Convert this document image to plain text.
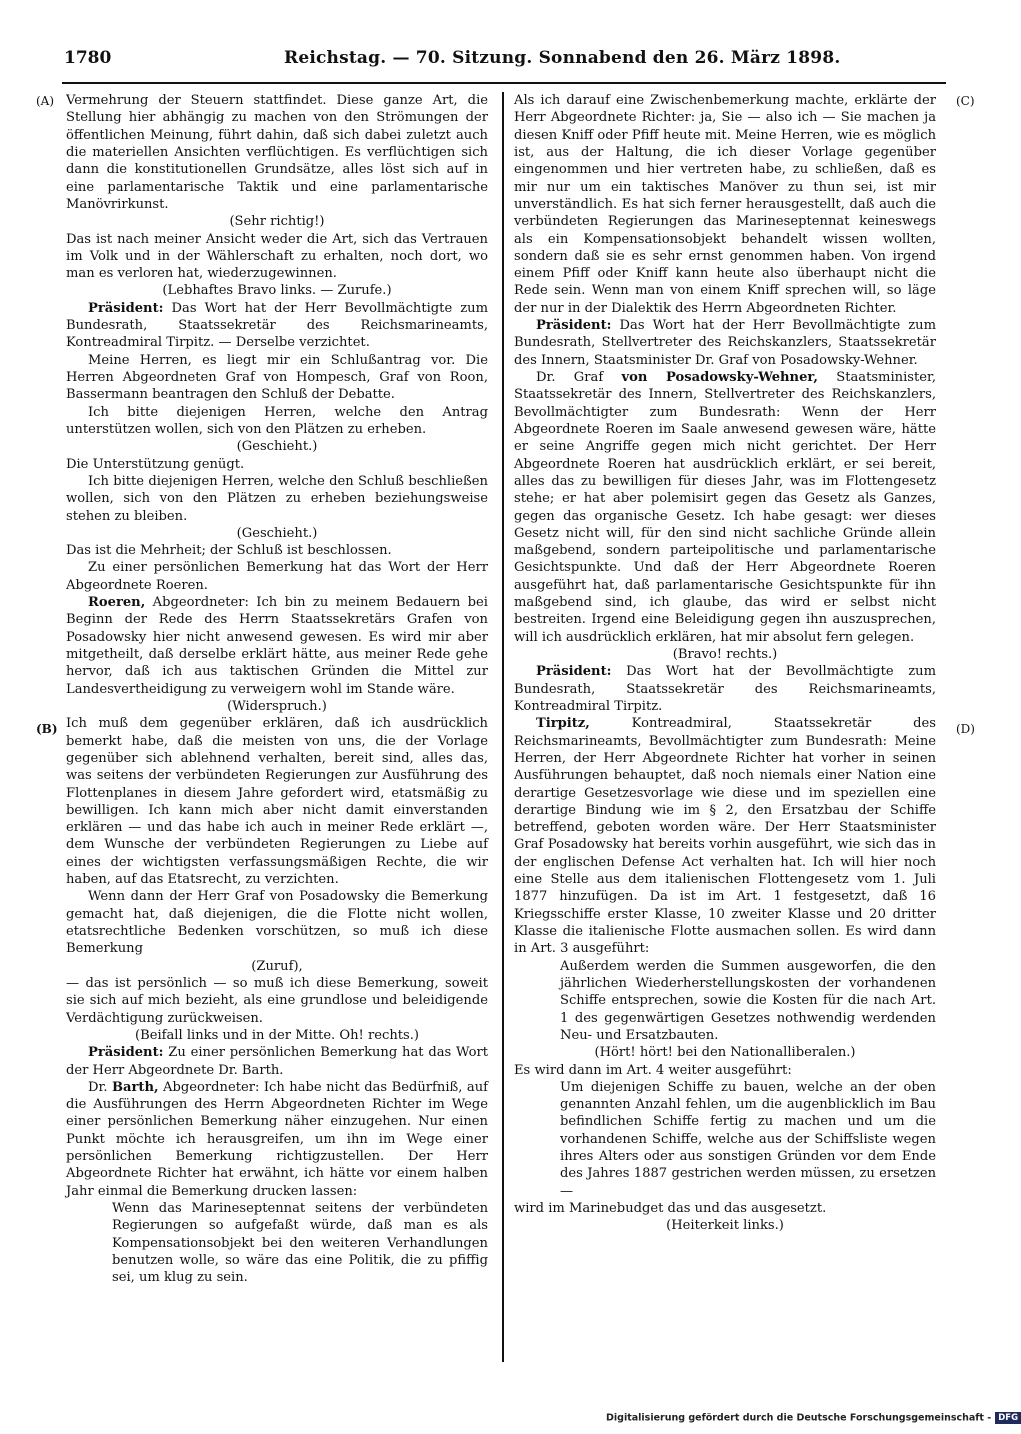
1780	Reichstag. — 70. Sitzung. Sonnabend den 26. März 1898.
(A)
(B)
(C)
(D)

Vermehrung der Steuern stattfindet. Diese ganze Art, die Stellung hier abhängig zu machen von den Strömungen der öffentlichen Meinung, führt dahin, daß sich dabei zuletzt auch die materiellen Ansichten verflüchtigen. Es verflüchtigen sich dann die konstitutionellen Grundsätze, alles löst sich auf in eine parlamentarische Taktik und eine parlamentarische Manövrirkunst.

(Sehr richtig!)

Das ist nach meiner Ansicht weder die Art, sich das Vertrauen im Volk und in der Wählerschaft zu erhalten, noch dort, wo man es verloren hat, wiederzugewinnen.

(Lebhaftes Bravo links. — Zurufe.)

Präsident: Das Wort hat der Herr Bevollmächtigte zum Bundesrath, Staatssekretär des Reichsmarineamts, Kontreadmiral Tirpitz. — Derselbe verzichtet.

Meine Herren, es liegt mir ein Schlußantrag vor. Die Herren Abgeordneten Graf von Hompesch, Graf von Roon, Bassermann beantragen den Schluß der Debatte.

Ich bitte diejenigen Herren, welche den Antrag unterstützen wollen, sich von den Plätzen zu erheben.

(Geschieht.)

Die Unterstützung genügt.

Ich bitte diejenigen Herren, welche den Schluß beschließen wollen, sich von den Plätzen zu erheben beziehungsweise stehen zu bleiben.

(Geschieht.)

Das ist die Mehrheit; der Schluß ist beschlossen.

Zu einer persönlichen Bemerkung hat das Wort der Herr Abgeordnete Roeren.

Roeren, Abgeordneter: Ich bin zu meinem Bedauern bei Beginn der Rede des Herrn Staatssekretärs Grafen von Posadowsky hier nicht anwesend gewesen. Es wird mir aber mitgetheilt, daß derselbe erklärt hätte, aus meiner Rede gehe hervor, daß ich aus taktischen Gründen die Mittel zur Landesvertheidigung zu verweigern wohl im Stande wäre.

(Widerspruch.)

Ich muß dem gegenüber erklären, daß ich ausdrücklich bemerkt habe, daß die meisten von uns, die der Vorlage gegenüber sich ablehnend verhalten, bereit sind, alles das, was seitens der verbündeten Regierungen zur Ausführung des Flottenplanes in diesem Jahre gefordert wird, etatsmäßig zu bewilligen. Ich kann mich aber nicht damit einverstanden erklären — und das habe ich auch in meiner Rede erklärt —, dem Wunsche der verbündeten Regierungen zu Liebe auf eines der wichtigsten verfassungsmäßigen Rechte, die wir haben, auf das Etatsrecht, zu verzichten.

Wenn dann der Herr Graf von Posadowsky die Bemerkung gemacht hat, daß diejenigen, die die Flotte nicht wollen, etatsrechtliche Bedenken vorschützen, so muß ich diese Bemerkung

(Zuruf),

— das ist persönlich — so muß ich diese Bemerkung, soweit sie sich auf mich bezieht, als eine grundlose und beleidigende Verdächtigung zurückweisen.

(Beifall links und in der Mitte. Oh! rechts.)

Präsident: Zu einer persönlichen Bemerkung hat das Wort der Herr Abgeordnete Dr. Barth.

Dr. Barth, Abgeordneter: Ich habe nicht das Bedürfniß, auf die Ausführungen des Herrn Abgeordneten Richter im Wege einer persönlichen Bemerkung näher einzugehen. Nur einen Punkt möchte ich herausgreifen, um ihn im Wege einer persönlichen Bemerkung richtigzustellen. Der Herr Abgeordnete Richter hat erwähnt, ich hätte vor einem halben Jahr einmal die Bemerkung drucken lassen:

Wenn das Marineseptennat seitens der verbündeten Regierungen so aufgefaßt würde, daß man es als Kompensationsobjekt bei den weiteren Verhandlungen benutzen wolle, so wäre das eine Politik, die zu pfiffig sei, um klug zu sein.

Als ich darauf eine Zwischenbemerkung machte, erklärte der Herr Abgeordnete Richter: ja, Sie — also ich — Sie machen ja diesen Kniff oder Pfiff heute mit. Meine Herren, wie es möglich ist, aus der Haltung, die ich dieser Vorlage gegenüber eingenommen und hier vertreten habe, zu schließen, daß es mir nur um ein taktisches Manöver zu thun sei, ist mir unverständlich. Es hat sich ferner herausgestellt, daß auch die verbündeten Regierungen das Marineseptennat keineswegs als ein Kompensationsobjekt behandelt wissen wollten, sondern daß sie es sehr ernst genommen haben. Von irgend einem Pfiff oder Kniff kann heute also überhaupt nicht die Rede sein. Wenn man von einem Kniff sprechen will, so läge der nur in der Dialektik des Herrn Abgeordneten Richter.

Präsident: Das Wort hat der Herr Bevollmächtigte zum Bundesrath, Stellvertreter des Reichskanzlers, Staatssekretär des Innern, Staatsminister Dr. Graf von Posadowsky-Wehner.

Dr. Graf von Posadowsky-Wehner, Staatsminister, Staatssekretär des Innern, Stellvertreter des Reichskanzlers, Bevollmächtigter zum Bundesrath: Wenn der Herr Abgeordnete Roeren im Saale anwesend gewesen wäre, hätte er seine Angriffe gegen mich nicht gerichtet. Der Herr Abgeordnete Roeren hat ausdrücklich erklärt, er sei bereit, alles das zu bewilligen für dieses Jahr, was im Flottengesetz stehe; er hat aber polemisirt gegen das Gesetz als Ganzes, gegen das organische Gesetz. Ich habe gesagt: wer dieses Gesetz nicht will, für den sind nicht sachliche Gründe allein maßgebend, sondern parteipolitische und parlamentarische Gesichtspunkte. Und daß der Herr Abgeordnete Roeren ausgeführt hat, daß parlamentarische Gesichtspunkte für ihn maßgebend sind, ich glaube, das wird er selbst nicht bestreiten. Irgend eine Beleidigung gegen ihn auszusprechen, will ich ausdrücklich erklären, hat mir absolut fern gelegen.

(Bravo! rechts.)

Präsident: Das Wort hat der Bevollmächtigte zum Bundesrath, Staatssekretär des Reichsmarineamts, Kontreadmiral Tirpitz.

Tirpitz, Kontreadmiral, Staatssekretär des Reichsmarineamts, Bevollmächtigter zum Bundesrath: Meine Herren, der Herr Abgeordnete Richter hat vorher in seinen Ausführungen behauptet, daß noch niemals einer Nation eine derartige Gesetzesvorlage wie diese und im speziellen eine derartige Bindung wie im § 2, den Ersatzbau der Schiffe betreffend, geboten worden wäre. Der Herr Staatsminister Graf Posadowsky hat bereits vorhin ausgeführt, wie sich das in der englischen Defense Act verhalten hat. Ich will hier noch eine Stelle aus dem italienischen Flottengesetz vom 1. Juli 1877 hinzufügen. Da ist im Art. 1 festgesetzt, daß 16 Kriegsschiffe erster Klasse, 10 zweiter Klasse und 20 dritter Klasse die italienische Flotte ausmachen sollen. Es wird dann in Art. 3 ausgeführt:

Außerdem werden die Summen ausgeworfen, die den jährlichen Wiederherstellungskosten der vorhandenen Schiffe entsprechen, sowie die Kosten für die nach Art. 1 des gegenwärtigen Gesetzes nothwendig werdenden Neu- und Ersatzbauten.

(Hört! hört! bei den Nationalliberalen.)

Es wird dann im Art. 4 weiter ausgeführt:

Um diejenigen Schiffe zu bauen, welche an der oben genannten Anzahl fehlen, um die augenblicklich im Bau befindlichen Schiffe fertig zu machen und um die vorhandenen Schiffe, welche aus der Schiffsliste wegen ihres Alters oder aus sonstigen Gründen vor dem Ende des Jahres 1887 gestrichen werden müssen, zu ersetzen —

wird im Marinebudget das und das ausgesetzt.

(Heiterkeit links.)

Digitalisierung gefördert durch die Deutsche Forschungsgemeinschaft - DFG
